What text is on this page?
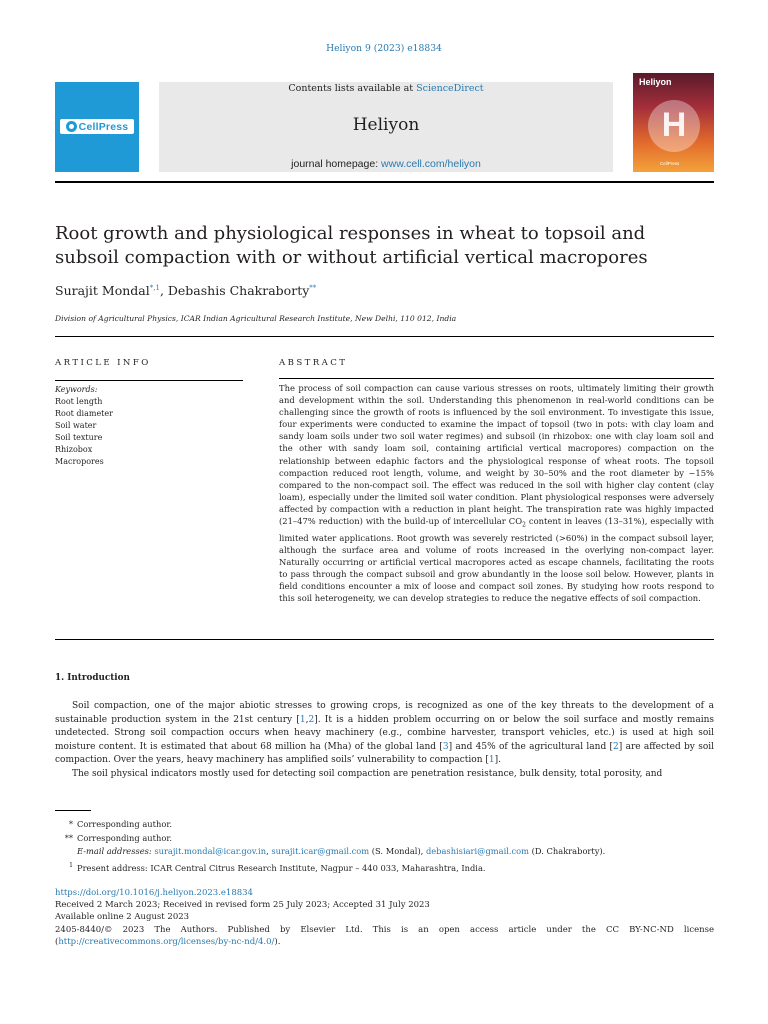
Heliyon 9 (2023) e18834
CellPress
Contents lists available at ScienceDirect
Heliyon
journal homepage: www.cell.com/heliyon
Heliyon
H
CellPress
Root growth and physiological responses in wheat to topsoil and
subsoil compaction with or without artificial vertical macropores
Surajit Mondal$^{*,1}$, Debashis Chakraborty**
Division of Agricultural Physics, ICAR Indian Agricultural Research Institute, New Delhi, 110 012, India
ARTICLE INFO	ABSTRACT
Keywords:
Root length
Root diameter
Soil water
Soil texture
Rhizobox
Macropores
The process of soil compaction can cause various stresses on roots, ultimately limiting their growth and development within the soil. Understanding this phenomenon in real-world conditions can be challenging since the growth of roots is influenced by the soil environment. To investigate this issue, four experiments were conducted to examine the impact of topsoil (two in pots: with clay loam and sandy loam soils under two soil water regimes) and subsoil (in rhizobox: one with clay loam soil and the other with sandy loam soil, containing artificial vertical macropores) compaction on the relationship between edaphic factors and the physiological response of wheat roots. The topsoil compaction reduced root length, volume, and weight by 30–50% and the root diameter by ~15% compared to the non-compact soil. The effect was reduced in the soil with higher clay content (clay loam), especially under the limited soil water condition. Plant physiological responses were adversely affected by compaction with a reduction in plant height. The transpiration rate was highly impacted (21–47% reduction) with the build-up of intercellular $CO_2$ content in leaves (13–31%), especially with limited water applications. Root growth was severely restricted (>60%) in the compact subsoil layer, although the surface area and volume of roots increased in the overlying non-compact layer. Naturally occurring or artificial vertical macropores acted as escape channels, facilitating the roots to pass through the compact subsoil and grow abundantly in the loose soil below. However, plants in field conditions encounter a mix of loose and compact soil zones. By studying how roots respond to this soil heterogeneity, we can develop strategies to reduce the negative effects of soil compaction.
1. Introduction

Soil compaction, one of the major abiotic stresses to growing crops, is recognized as one of the key threats to the development of a sustainable production system in the 21st century [1,2]. It is a hidden problem occurring on or below the soil surface and mostly remains undetected. Strong soil compaction occurs when heavy machinery (e.g., combine harvester, transport vehicles, etc.) is used at high soil moisture content. It is estimated that about 68 million ha (Mha) of the global land [3] and 45% of the agricultural land [2] are affected by soil compaction. Over the years, heavy machinery has amplified soils’ vulnerability to compaction [1].

The soil physical indicators mostly used for detecting soil compaction are penetration resistance, bulk density, total porosity, and

* Corresponding author.
** Corresponding author.
E-mail addresses: surajit.mondal@icar.gov.in, surajit.icar@gmail.com (S. Mondal), debashisiari@gmail.com (D. Chakraborty).
1 Present address: ICAR Central Citrus Research Institute, Nagpur – 440 033, Maharashtra, India.
https://doi.org/10.1016/j.heliyon.2023.e18834
Received 2 March 2023; Received in revised form 25 July 2023; Accepted 31 July 2023
Available online 2 August 2023
2405-8440/© 2023 The Authors. Published by Elsevier Ltd. This is an open access article under the CC BY-NC-ND license
(http://creativecommons.org/licenses/by-nc-nd/4.0/).
